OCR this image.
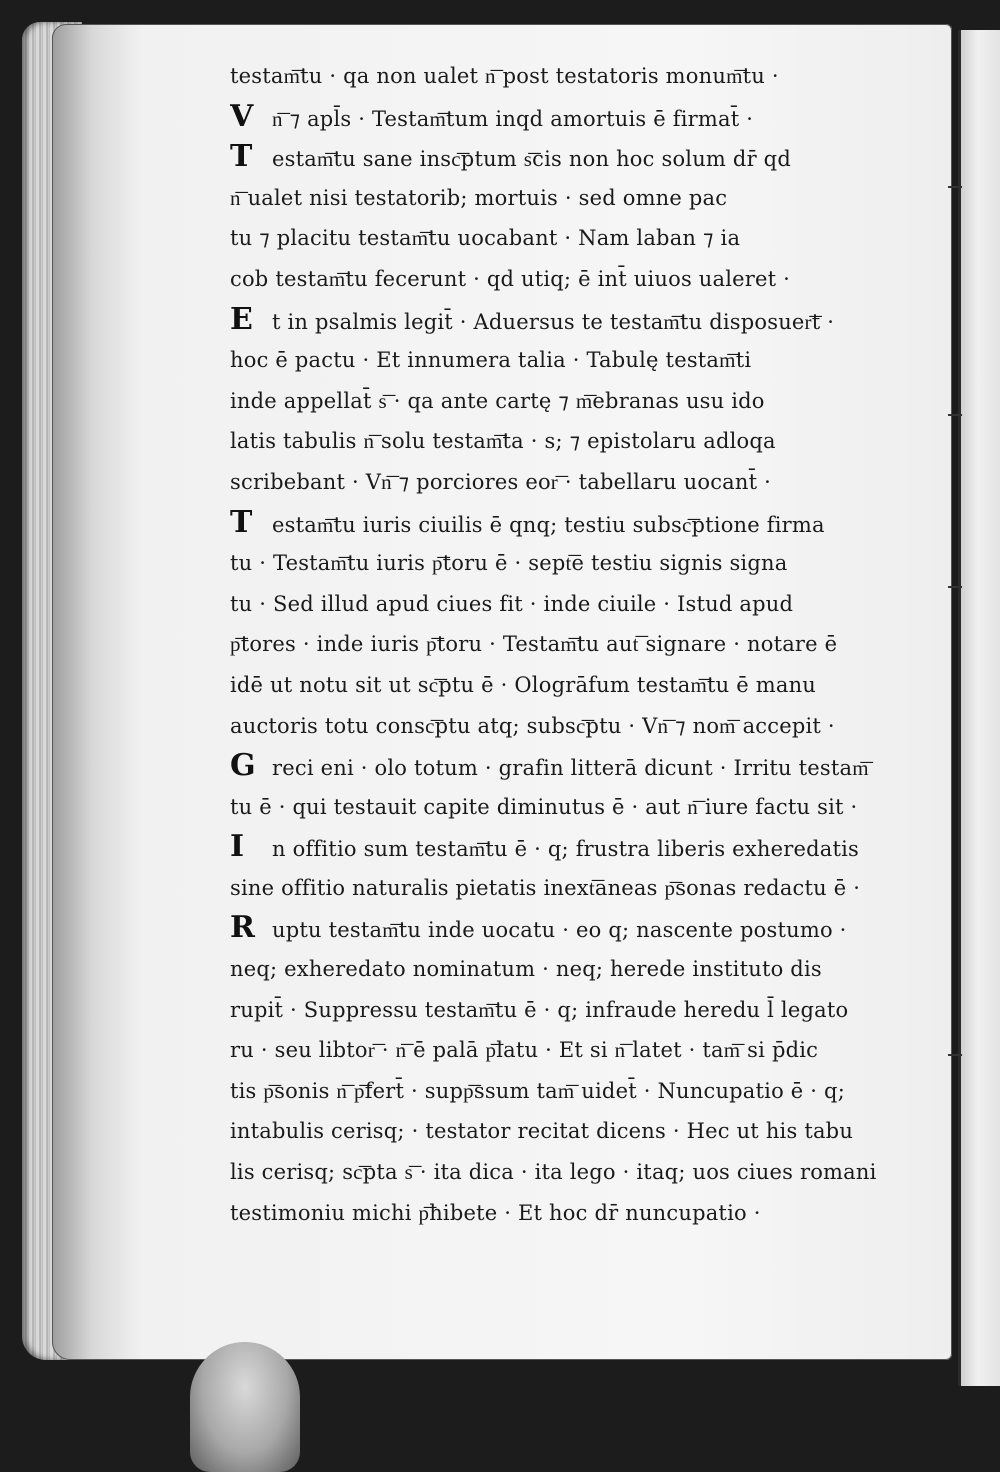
testam͞tu · qa non ualet n͞ post testatoris monum͞tu ·
V n͞ ⁊ apl̄s · Testam͞tum inqd amortuis ē firmat̄ ·
T estam͞tu sane insc͞ptum s͞cis non hoc solum dr̄ qd
n͞ ualet nisi testatorib; mortuis · sed omne pac
tu ⁊ placitu testam͞tu uocabant · Nam laban ⁊ ia
cob testam͞tu fecerunt · qd utiq; ē int̄ uiuos ualeret ·
E t in psalmis legit̄ · Aduersus te testam͞tu disposuer͞t ·
hoc ē pactu · Et innumera talia · Tabulę testam͞ti
inde appellat̄ s͞ · qa ante cartę ⁊ m͞ebranas usu ido
latis tabulis n͞ solu testam͞ta · s; ⁊ epistolaru adloqa
scribebant · Vn͞ ⁊ porciores eor͞ · tabellaru uocant̄ ·
T estam͞tu iuris ciuilis ē qnq; testiu subsc͞ptione firma
tu · Testam͞tu iuris p͞toru ē · sept͞e testiu signis signa
tu · Sed illud apud ciues fit · inde ciuile · Istud apud
p͞tores · inde iuris p͞toru · Testam͞tu aut͞ signare · notare ē
idē ut notu sit ut sc͞ptu ē · Ologrāfum testam͞tu ē manu
auctoris totu consc͞ptu atq; subsc͞ptu · Vn͞ ⁊ nom͞ accepit ·
G reci eni · olo totum · grafin litterā dicunt · Irritu testam͞
tu ē · qui testauit capite diminutus ē · aut n͞ iure factu sit ·
I n offitio sum testam͞tu ē · q; frustra liberis exheredatis
sine offitio naturalis pietatis inext͞aneas p͞sonas redactu ē ·
R uptu testam͞tu inde uocatu · eo q; nascente postumo ·
neq; exheredato nominatum · neq; herede instituto dis
rupit̄ · Suppressu testam͞tu ē · q; infraude heredu l̄ legato
ru · seu libtor͞ · n͞ ē palā p͞latu · Et si n͞ latet · tam͞ si p̄dic
tis p͞sonis n͞ p͞fert̄ · supp͞ssum tam͞ uidet̄ · Nuncupatio ē · q;
intabulis cerisq; · testator recitat dicens · Hec ut his tabu
lis cerisq; sc͞pta s͞ · ita dica · ita lego · itaq; uos ciues romani
testimoniu michi p͞hibete · Et hoc dr̄ nuncupatio ·
